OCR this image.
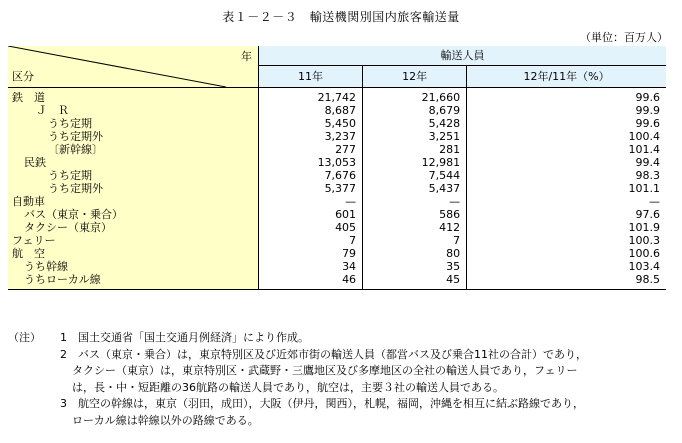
表１－２－３　輸送機関別国内旅客輸送量
（単位：百万人）
年
区分	輸送人員		
	11年	12年	12年/11年（%）
鉄　道	21,742	21,660	99.6
Ｊ　Ｒ	8,687	8,679	99.9
うち定期	5,450	5,428	99.6
うち定期外	3,237	3,251	100.4
〔新幹線〕	277	281	101.4
民鉄	13,053	12,981	99.4
うち定期	7,676	7,544	98.3
うち定期外	5,377	5,437	101.1
自動車	—	—	—
バス（東京・乗合）	601	586	97.6
タクシー（東京）	405	412	101.9
フェリー	7	7	100.3
航　空	79	80	100.6
うち幹線	34	35	103.4
うちローカル線	46	45	98.5
（注） 1　国土交通省「国土交通月例経済」により作成。
2　バス（東京・乗合）は，東京特別区及び近郊市街の輸送人員（都営バス及び乗合11社の合計）であり，
タクシー（東京）は，東京特別区・武蔵野・三鷹地区及び多摩地区の全社の輸送人員であり，フェリー
は，長・中・短距離の36航路の輸送人員であり，航空は，主要３社の輸送人員である。
3　航空の幹線は，東京（羽田，成田），大阪（伊丹，関西），札幌，福岡，沖縄を相互に結ぶ路線であり，
ローカル線は幹線以外の路線である。
